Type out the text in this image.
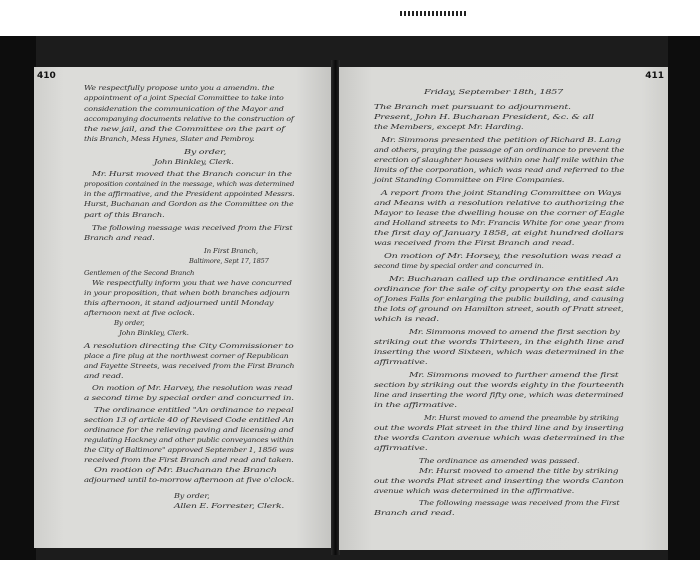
410
We respectfully propose unto you a amendm. the
appointment of a joint Special Committee to take into
consideration the communication of the Mayor and
accompanying documents relative to the construction of
the new jail, and the Committee on the part of
this Branch, Mess Hynes, Slater and Pembroy.
By order,
John Binkley, Clerk.
Mr. Hurst moved that the Branch concur in the
proposition contained in the message, which was determined
in the affirmative, and the President appointed Messrs.
Hurst, Buchanan and Gordon as the Committee on the
part of this Branch.
The following message was received from the First
Branch and read.
In First Branch,
Baltimore, Sept 17, 1857
Gentlemen of the Second Branch
We respectfully inform you that we have concurred
in your proposition, that when both branches adjourn
this afternoon, it stand adjourned until Monday
afternoon next at five oclock.
By order,
John Binkley, Clerk.
A resolution directing the City Commissioner to
place a fire plug at the northwest corner of Republican
and Fayette Streets, was received from the First Branch
and read.
On motion of Mr. Harvey, the resolution was read
a second time by special order and concurred in.
The ordinance entitled "An ordinance to repeal
section 13 of article 40 of Revised Code entitled An
ordinance for the relieving paving and licensing and
regulating Hackney and other public conveyances within
the City of Baltimore" approved September 1, 1856 was
received from the First Branch and read and taken.
On motion of Mr. Buchanan the Branch
adjourned until to-morrow afternoon at five o'clock.
By order,
Allen E. Forrester, Clerk.
411
Friday, September 18th, 1857
The Branch met pursuant to adjournment.
Present, John H. Buchanan President, &c. & all
the Members, except Mr. Harding.
Mr. Simmons presented the petition of Richard B. Lang
and others, praying the passage of an ordinance to prevent the
erection of slaughter houses within one half mile within the
limits of the corporation, which was read and referred to the
joint Standing Committee on Fire Companies.
A report from the joint Standing Committee on Ways
and Means with a resolution relative to authorizing the
Mayor to lease the dwelling house on the corner of Eagle
and Holland streets to Mr. Francis White for one year from
the first day of January 1858, at eight hundred dollars
was received from the First Branch and read.
On motion of Mr. Horsey, the resolution was read a
second time by special order and concurred in.
Mr. Buchanan called up the ordinance entitled An
ordinance for the sale of city property on the east side
of Jones Falls for enlarging the public building, and causing
the lots of ground on Hamilton street, south of Pratt street,
which is read.
Mr. Simmons moved to amend the first section by
striking out the words Thirteen, in the eighth line and
inserting the word Sixteen, which was determined in the
affirmative.
Mr. Simmons moved to further amend the first
section by striking out the words eighty in the fourteenth
line and inserting the word fifty one, which was determined
in the affirmative.
Mr. Hurst moved to amend the preamble by striking
out the words Plat street in the third line and by inserting
the words Canton avenue which was determined in the
affirmative.
The ordinance as amended was passed.
Mr. Hurst moved to amend the title by striking
out the words Plat street and inserting the words Canton
avenue which was determined in the affirmative.
The following message was received from the First
Branch and read.
